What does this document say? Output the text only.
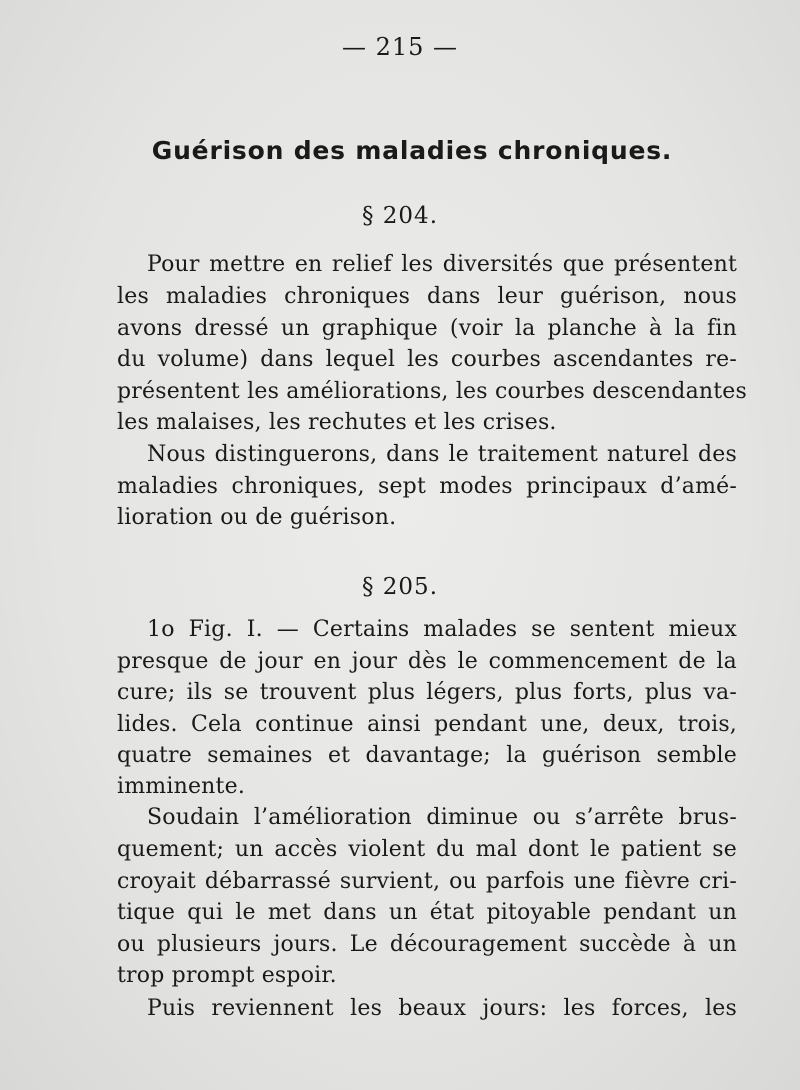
— 215 —
Guérison des maladies chroniques.
§ 204.
Pour mettre en relief les diversités que présentent
les maladies chroniques dans leur guérison, nous
avons dressé un graphique (voir la planche à la fin
du volume) dans lequel les courbes ascendantes re-
présentent les améliorations, les courbes descendantes
les malaises, les rechutes et les crises.
Nous distinguerons, dans le traitement naturel des
maladies chroniques, sept modes principaux d’amé-
lioration ou de guérison.
§ 205.
1o Fig. I. — Certains malades se sentent mieux
presque de jour en jour dès le commencement de la
cure; ils se trouvent plus légers, plus forts, plus va-
lides. Cela continue ainsi pendant une, deux, trois,
quatre semaines et davantage; la guérison semble
imminente.
Soudain l’amélioration diminue ou s’arrête brus-
quement; un accès violent du mal dont le patient se
croyait débarrassé survient, ou parfois une fièvre cri-
tique qui le met dans un état pitoyable pendant un
ou plusieurs jours. Le découragement succède à un
trop prompt espoir.
Puis reviennent les beaux jours: les forces, les
